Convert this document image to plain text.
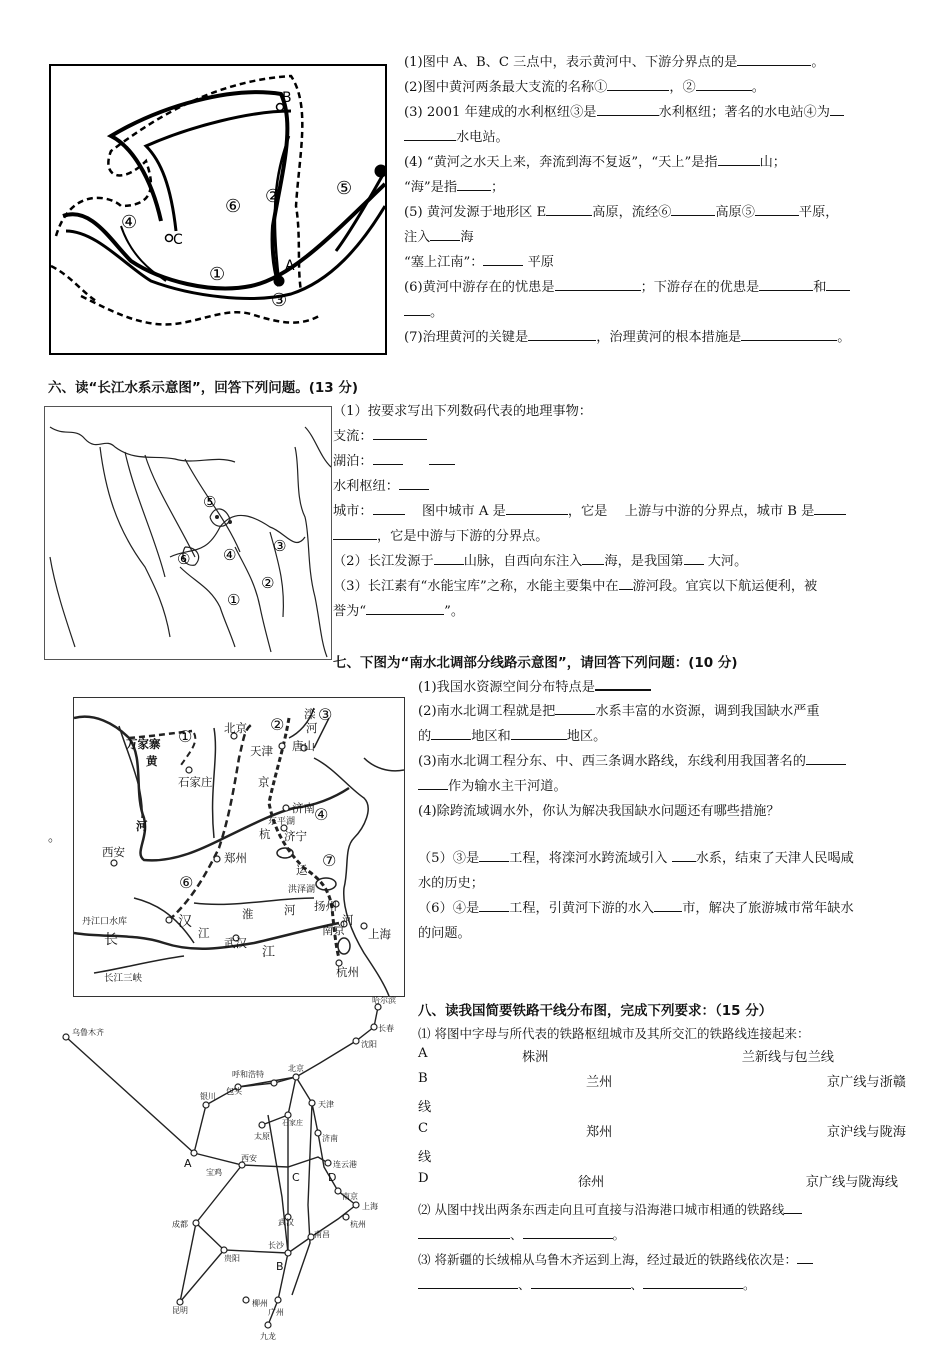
B
C
A
①
②
③
④
⑤
⑥
(1)图中 A、B、C 三点中，表示黄河中、下游分界点的是	。
(2)图中黄河两条最大支流的名称①	，②	。
(3) 2001 年建成的水利枢纽③是	水利枢纽；著名的水电站④为
水电站。
(4) “黄河之水天上来，奔流到海不复返”，“天上”是指	山；
“海”是指	；
(5) 黄河发源于地形区 E	高原，流经⑥	高原⑤	平原，
注入 海
“塞上江南”：	平原
(6)黄河中游存在的忧患是	；下游存在的优患是	和
。
(7)治理黄河的关键是	，治理黄河的根本措施是	。
六、读“长江水系示意图”，回答下列问题。(13 分)
⑤
⑥ ④ ③
②
①
（1）按要求写出下列数码代表的地理事物：
支流：
湖泊：　　
水利枢纽：
城市：　	图中城市 A 是	，它是　 上游与中游的分界点，城市 B 是
，它是中游与下游的分界点。
（2）长江发源于 山脉，自西向东注入 海，是我国第 大河。
（3）长江素有“水能宝库”之称，水能主要集中在 游河段。宜宾以下航运便利，被
誉为“	”。
七、下图为“南水北调部分线路示意图”，请回答下列问题：(10 分)
。
万家寨
黄
河
石家庄
北京
天津 唐山
滦
河
京
杭
运
济南
东平湖
济宁
西安	郑州
洪泽湖
扬州
丹江口水库	汉
江
长
淮	河
武汉
长江三峡
南京 上海
杭州
河
江
①
②
③
④
⑥
⑦
(1)我国水资源空间分布特点是
(2)南水北调工程就是把	水系丰富的水资源，调到我国缺水严重
的	地区和	地区。
(3)南水北调工程分东、中、西三条调水路线，东线利用我国著名的
作为输水主干河道。
(4)除跨流域调水外，你认为解决我国缺水问题还有哪些措施？
（5）③是 工程，将滦河水跨流域引入 水系，结束了天津人民喝咸
水的历史；
（6）④是 工程，引黄河下游的水入 市，解决了旅游城市常年缺水
的问题。
乌鲁木齐
哈尔滨
长春
沈阳
北京
天津
呼和浩特
包头
银川
太原
石家庄
济南
连云港
西安
宝鸡
南京
上海
杭州
武汉
南昌
长沙
成都
贵阳
昆明
柳州
广州
九龙
A
B
C	D
八、读我国简要铁路干线分布图，完成下列要求：（15 分）
⑴ 将图中字母与所代表的铁路枢纽城市及其所交汇的铁路线连接起来：
A	株洲	兰新线与包兰线
B	兰州	京广线与浙赣
线
C	郑州	京沪线与陇海
线
D	徐州	京广线与陇海线
⑵ 从图中找出两条东西走向且可直接与沿海港口城市相通的铁路线
、	。
⑶ 将新疆的长绒棉从乌鲁木齐运到上海，经过最近的铁路线依次是：
、	、	。
